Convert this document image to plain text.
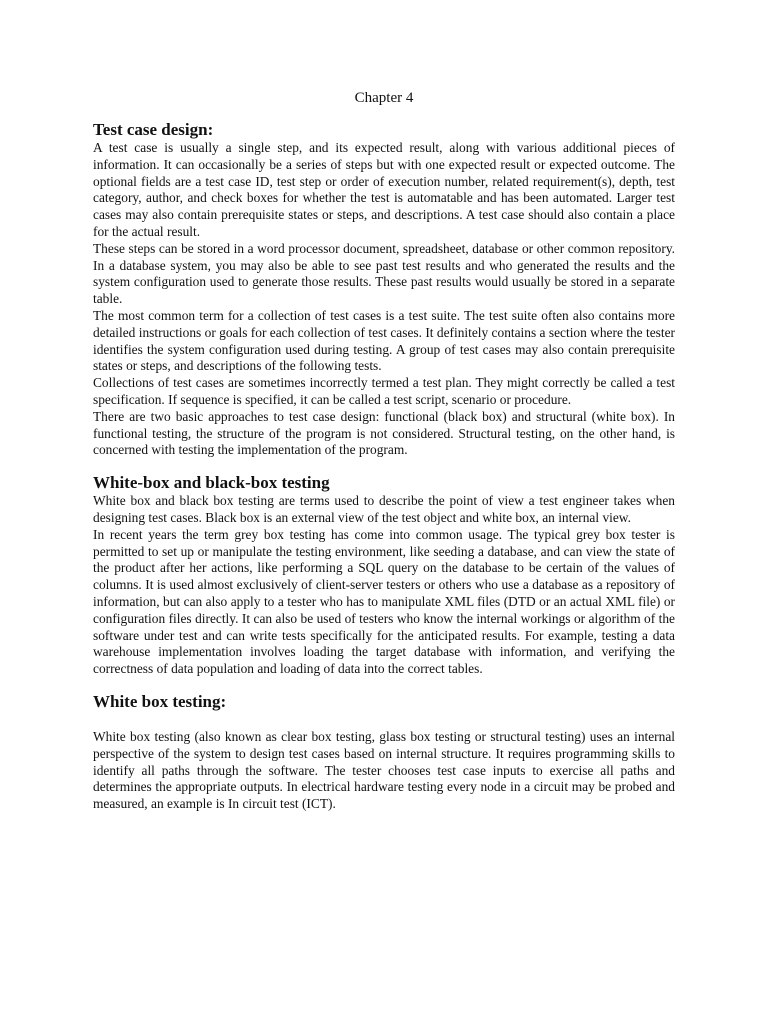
Chapter 4
Test case design:

A test case is usually a single step, and its expected result, along with various additional pieces of information. It can occasionally be a series of steps but with one expected result or expected outcome. The optional fields are a test case ID, test step or order of execution number, related requirement(s), depth, test category, author, and check boxes for whether the test is automatable and has been automated. Larger test cases may also contain prerequisite states or steps, and descriptions. A test case should also contain a place for the actual result.

These steps can be stored in a word processor document, spreadsheet, database or other common repository. In a database system, you may also be able to see past test results and who generated the results and the system configuration used to generate those results. These past results would usually be stored in a separate table.

The most common term for a collection of test cases is a test suite. The test suite often also contains more detailed instructions or goals for each collection of test cases. It definitely contains a section where the tester identifies the system configuration used during testing. A group of test cases may also contain prerequisite states or steps, and descriptions of the following tests.

Collections of test cases are sometimes incorrectly termed a test plan. They might correctly be called a test specification. If sequence is specified, it can be called a test script, scenario or procedure.

There are two basic approaches to test case design: functional (black box) and structural (white box). In functional testing, the structure of the program is not considered. Structural testing, on the other hand, is concerned with testing the implementation of the program.

White-box and black-box testing

White box and black box testing are terms used to describe the point of view a test engineer takes when designing test cases. Black box is an external view of the test object and white box, an internal view.

In recent years the term grey box testing has come into common usage. The typical grey box tester is permitted to set up or manipulate the testing environment, like seeding a database, and can view the state of the product after her actions, like performing a SQL query on the database to be certain of the values of columns. It is used almost exclusively of client-server testers or others who use a database as a repository of information, but can also apply to a tester who has to manipulate XML files (DTD or an actual XML file) or configuration files directly. It can also be used of testers who know the internal workings or algorithm of the software under test and can write tests specifically for the anticipated results. For example, testing a data warehouse implementation involves loading the target database with information, and verifying the correctness of data population and loading of data into the correct tables.

White box testing:

White box testing (also known as clear box testing, glass box testing or structural testing) uses an internal perspective of the system to design test cases based on internal structure. It requires programming skills to identify all paths through the software. The tester chooses test case inputs to exercise all paths and determines the appropriate outputs. In electrical hardware testing every node in a circuit may be probed and measured, an example is In circuit test (ICT).
